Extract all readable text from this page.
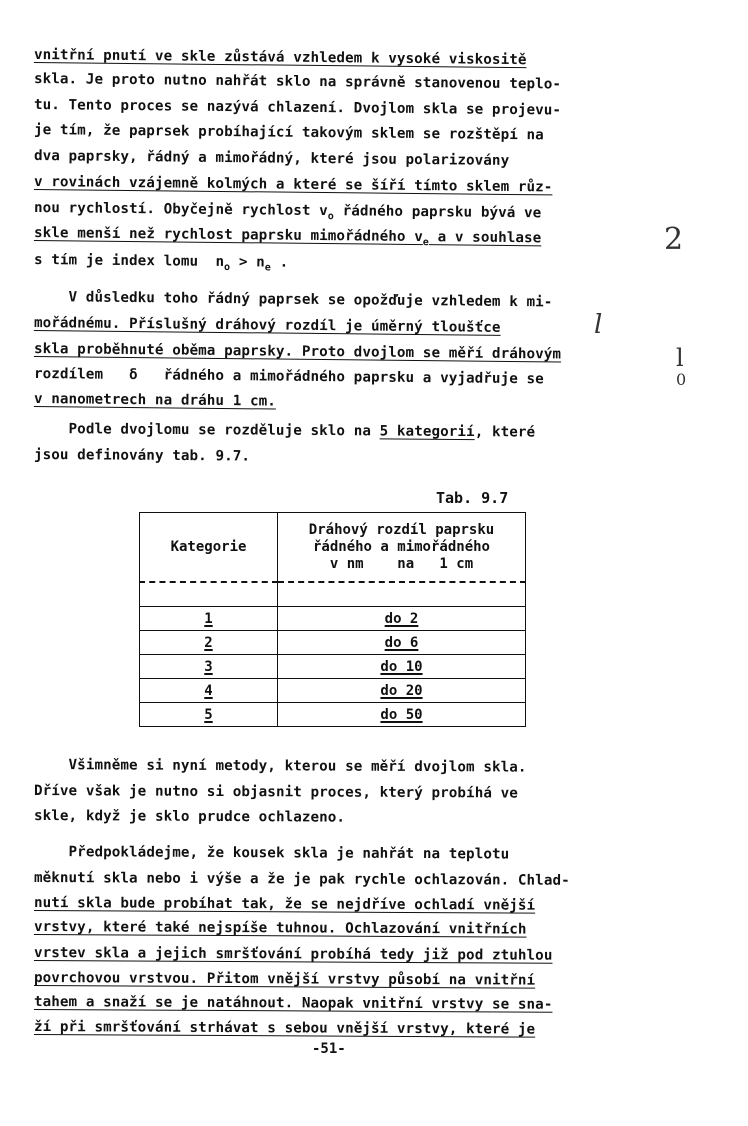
vnitřní pnutí ve skle zůstává vzhledem k vysoké viskositě
skla. Je proto nutno nahřát sklo na správně stanovenou teplo-
tu. Tento proces se nazývá chlazení. Dvojlom skla se projevu-
je tím, že paprsek probíhající takovým sklem se rozštěpí na
dva paprsky, řádný a mimořádný, které jsou polarizovány
v rovinách vzájemně kolmých a které se šíří tímto sklem růz-
nou rychlostí. Obyčejně rychlost $v_o$ řádného paprsku bývá ve
skle menší než rychlost paprsku mimořádného $v_e$ a v souhlase
s tím je index lomu  $n_o > n_e$ .
V důsledku toho řádný paprsek se opožďuje vzhledem k mi-
mořádnému. Příslušný dráhový rozdíl je úměrný tloušťce
skla proběhnuté oběma paprsky. Proto dvojlom se měří dráhovým
rozdílem   δ   řádného a mimořádného paprsku a vyjadřuje se
v nanometrech na dráhu 1 cm.
Podle dvojlomu se rozděluje sklo na 5 kategorií, které
jsou definovány tab. 9.7.
l
l
0
2
Tab. 9.7
Kategorie	Dráhový rozdíl paprsku
řádného a mimořádného
v nm    na   1 cm

1	do 2
2	do 6
3	do 10
4	do 20
5	do 50
Všimněme si nyní metody, kterou se měří dvojlom skla.
Dříve však je nutno si objasnit proces, který probíhá ve
skle, když je sklo prudce ochlazeno.
Předpokládejme, že kousek skla je nahřát na teplotu
měknutí skla nebo i výše a že je pak rychle ochlazován. Chlad-
nutí skla bude probíhat tak, že se nejdříve ochladí vnější
vrstvy, které také nejspíše tuhnou. Ochlazování vnitřních
vrstev skla a jejich smršťování probíhá tedy již pod ztuhlou
povrchovou vrstvou. Přitom vnější vrstvy působí na vnitřní
tahem a snaží se je natáhnout. Naopak vnitřní vrstvy se sna-
ží při smršťování strhávat s sebou vnější vrstvy, které je
-51-
